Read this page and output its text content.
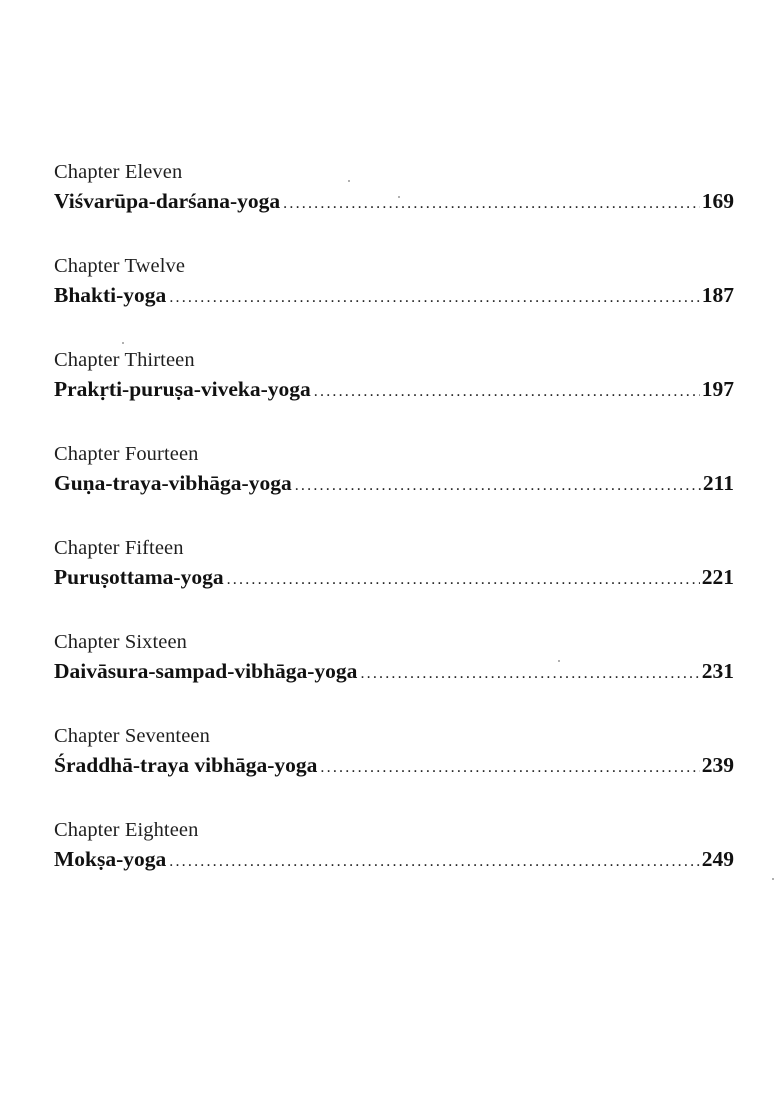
Chapter Eleven
Viśvarūpa-darśana-yoga .....	169
Chapter Twelve
Bhakti-yoga .....	187
Chapter Thirteen
Prakṛti-puruṣa-viveka-yoga .....	197
Chapter Fourteen
Guṇa-traya-vibhāga-yoga .....	211
Chapter Fifteen
Puruṣottama-yoga .....	221
Chapter Sixteen
Daivāsura-sampad-vibhāga-yoga .....	231
Chapter Seventeen
Śraddhā-traya vibhāga-yoga .....	239
Chapter Eighteen
Mokṣa-yoga .....	249
